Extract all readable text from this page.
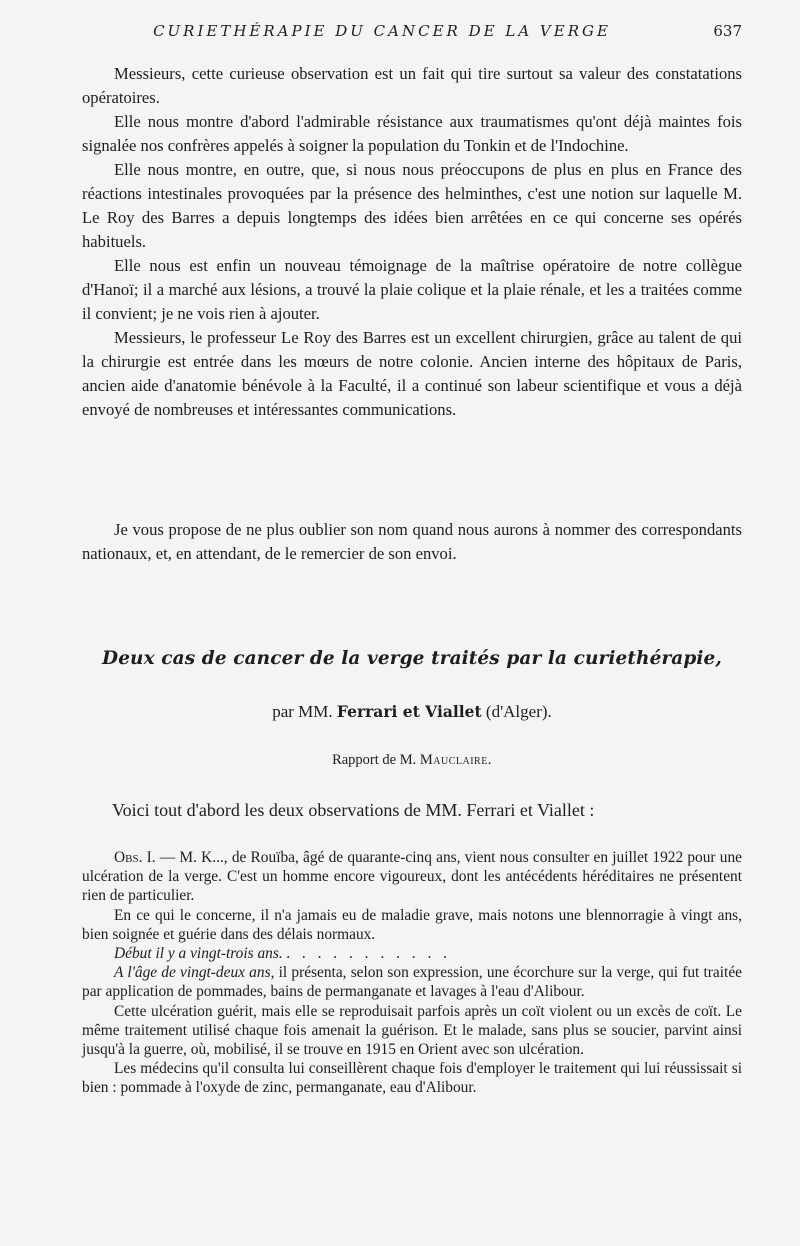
CURIETHÉRAPIE DU CANCER DE LA VERGE	637

Messieurs, cette curieuse observation est un fait qui tire surtout sa valeur des constatations opératoires.

Elle nous montre d'abord l'admirable résistance aux traumatismes qu'ont déjà maintes fois signalée nos confrères appelés à soigner la population du Tonkin et de l'Indochine.

Elle nous montre, en outre, que, si nous nous préoccupons de plus en plus en France des réactions intestinales provoquées par la présence des helminthes, c'est une notion sur laquelle M. Le Roy des Barres a depuis longtemps des idées bien arrêtées en ce qui concerne ses opérés habituels.

Elle nous est enfin un nouveau témoignage de la maîtrise opératoire de notre collègue d'Hanoï; il a marché aux lésions, a trouvé la plaie colique et la plaie rénale, et les a traitées comme il convient; je ne vois rien à ajouter.

Messieurs, le professeur Le Roy des Barres est un excellent chirurgien, grâce au talent de qui la chirurgie est entrée dans les mœurs de notre colonie. Ancien interne des hôpitaux de Paris, ancien aide d'anatomie bénévole à la Faculté, il a continué son labeur scientifique et vous a déjà envoyé de nombreuses et intéressantes communications.

Je vous propose de ne plus oublier son nom quand nous aurons à nommer des correspondants nationaux, et, en attendant, de le remercier de son envoi.

Deux cas de cancer de la verge traités par la curiethérapie,
par MM. Ferrari et Viallet (d'Alger).
Rapport de M. Mauclaire.
Voici tout d'abord les deux observations de MM. Ferrari et Viallet :

Obs. I. — M. K..., de Rouïba, âgé de quarante-cinq ans, vient nous consulter en juillet 1922 pour une ulcération de la verge. C'est un homme encore vigoureux, dont les antécédents héréditaires ne présentent rien de particulier.

En ce qui le concerne, il n'a jamais eu de maladie grave, mais notons une blennorragie à vingt ans, bien soignée et guérie dans des délais normaux.

Début il y a vingt-trois ans. . . . . . . . . . . .

A l'âge de vingt-deux ans, il présenta, selon son expression, une écorchure sur la verge, qui fut traitée par application de pommades, bains de permanganate et lavages à l'eau d'Alibour.

Cette ulcération guérit, mais elle se reproduisait parfois après un coït violent ou un excès de coït. Le même traitement utilisé chaque fois amenait la guérison. Et le malade, sans plus se soucier, parvint ainsi jusqu'à la guerre, où, mobilisé, il se trouve en 1915 en Orient avec son ulcération.

Les médecins qu'il consulta lui conseillèrent chaque fois d'employer le traitement qui lui réussissait si bien : pommade à l'oxyde de zinc, permanganate, eau d'Alibour.
